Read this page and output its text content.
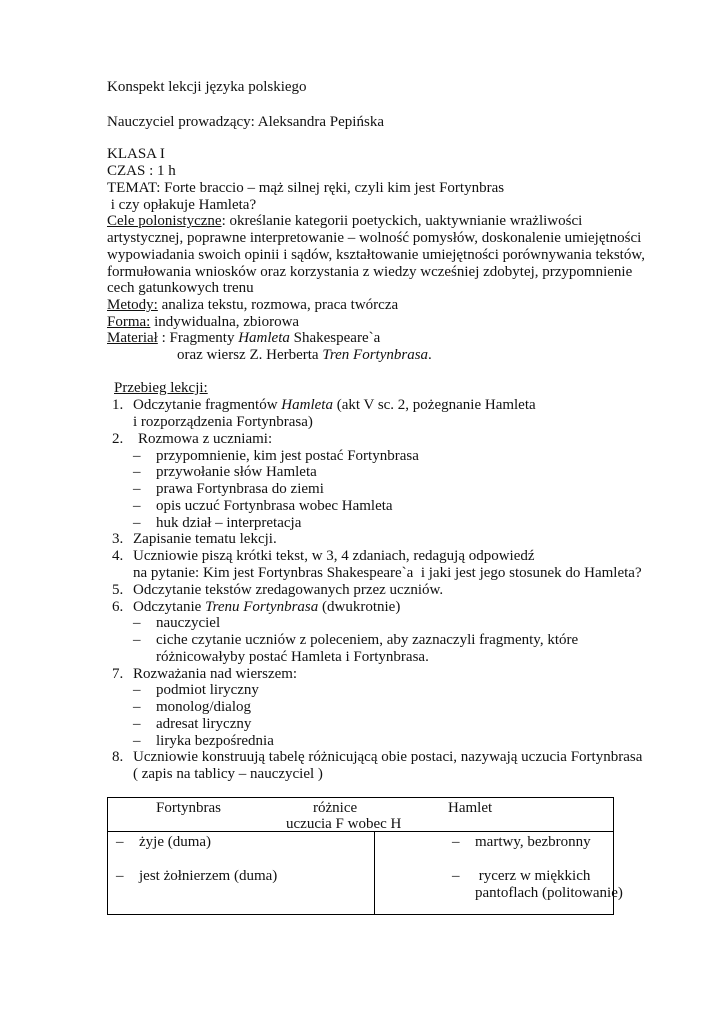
Konspekt lekcji języka polskiego
Nauczyciel prowadzący: Aleksandra Pepińska
KLASA I
CZAS : 1 h
TEMAT: Forte braccio – mąż silnej ręki, czyli kim jest Fortynbras
i czy opłakuje Hamleta?
Cele polonistyczne: określanie kategorii poetyckich, uaktywnianie wrażliwości
artystycznej, poprawne interpretowanie – wolność pomysłów, doskonalenie umiejętności
wypowiadania swoich opinii i sądów, kształtowanie umiejętności porównywania tekstów,
formułowania wniosków oraz korzystania z wiedzy wcześniej zdobytej, przypomnienie
cech gatunkowych trenu
Metody: analiza tekstu, rozmowa, praca twórcza
Forma: indywidualna, zbiorowa
Materiał : Fragmenty Hamleta Shakespeare`a
oraz wiersz Z. Herberta Tren Fortynbrasa.
Przebieg lekcji:
1. Odczytanie fragmentów Hamleta (akt V sc. 2, pożegnanie Hamleta
i rozporządzenia Fortynbrasa)
2. Rozmowa z uczniami:
– przypomnienie, kim jest postać Fortynbrasa
– przywołanie słów Hamleta
– prawa Fortynbrasa do ziemi
– opis uczuć Fortynbrasa wobec Hamleta
– huk dział – interpretacja
3. Zapisanie tematu lekcji.
4. Uczniowie piszą krótki tekst, w 3, 4 zdaniach, redagują odpowiedź
na pytanie: Kim jest Fortynbras Shakespeare`a  i jaki jest jego stosunek do Hamleta?
5. Odczytanie tekstów zredagowanych przez uczniów.
6. Odczytanie Trenu Fortynbrasa (dwukrotnie)
– nauczyciel
– ciche czytanie uczniów z poleceniem, aby zaznaczyli fragmenty, które
różnicowałyby postać Hamleta i Fortynbrasa.
7. Rozważania nad wierszem:
– podmiot liryczny
– monolog/dialog
– adresat liryczny
– liryka bezpośrednia
8. Uczniowie konstruują tabelę różnicującą obie postaci, nazywają uczucia Fortynbrasa
( zapis na tablicy – nauczyciel )
Fortynbras	różnice	Hamlet
uczucia F wobec H
– żyje (duma)
– jest żołnierzem (duma)
– martwy, bezbronny
– rycerz w miękkich
pantoflach (politowanie)
